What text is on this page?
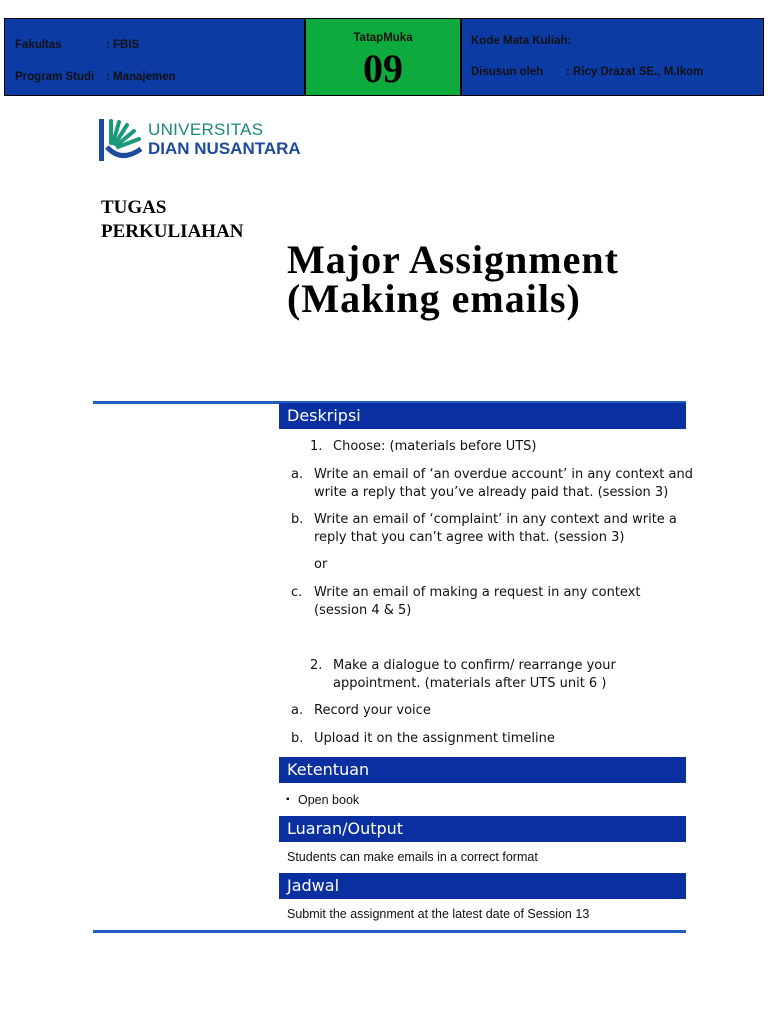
Fakultas	: FBIS
Program Studi : Manajemen
TatapMuka
09
Kode Mata Kuliah:
Disusun oleh : Ricy Drazat SE., M.Ikom
UNIVERSITAS
DIAN NUSANTARA
TUGAS
PERKULIAHAN
Major Assignment
(Making emails)
Deskripsi
1. Choose: (materials before UTS)
a. Write an email of ‘an overdue account’ in any context and
write a reply that you’ve already paid that. (session 3)
b. Write an email of ‘complaint’ in any context and write a
reply that you can’t agree with that. (session 3)
or
c. Write an email of making a request in any context
(session 4 & 5)
2. Make a dialogue to confirm/ rearrange your
appointment. (materials after UTS unit 6 )
a. Record your voice
b. Upload it on the assignment timeline
Ketentuan
▪ Open book
Luaran/Output
Students can make emails in a correct format
Jadwal
Submit the assignment at the latest date of Session 13
